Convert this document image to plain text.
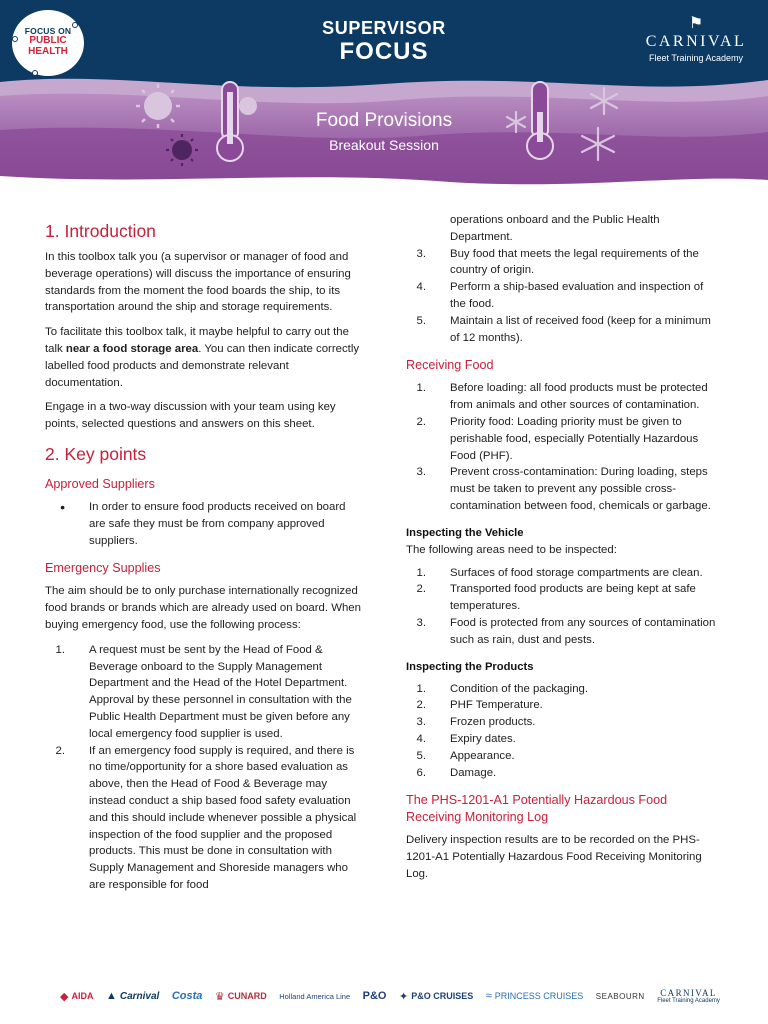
FOCUS ON
PUBLIC
HEALTH
SUPERVISOR
FOCUS
⚑
CARNIVAL
Fleet Training Academy
Food Provisions
Breakout Session
1. Introduction

In this toolbox talk you (a supervisor or manager of food and beverage operations) will discuss the importance of ensuring standards from the moment the food boards the ship, to its transportation around the ship and storage requirements.

To facilitate this toolbox talk, it maybe helpful to carry out the talk near a food storage area. You can then indicate correctly labelled food products and demonstrate relevant documentation.

Engage in a two-way discussion with your team using key points, selected questions and answers on this sheet.

2. Key points
Approved Suppliers
•	In order to ensure food products received on board are safe they must be from company approved suppliers.
Emergency Supplies

The aim should be to only purchase internationally recognized food brands or brands which are already used on board. When buying emergency food, use the following process:

1.	A request must be sent by the Head of Food & Beverage onboard to the Supply Management Department and the Head of the Hotel Department. Approval by these personnel in consultation with the Public Health Department must be given before any local emergency food supplier is used.
2.	If an emergency food supply is required, and there is no time/opportunity for a shore based evaluation as above, then the Head of Food & Beverage may instead conduct a ship based food safety evaluation and this should include whenever possible a physical inspection of the food supplier and the proposed products. This must be done in consultation with Supply Management and Shoreside managers who are responsible for food
operations onboard and the Public Health Department.
3.	Buy food that meets the legal requirements of the country of origin.
4.	Perform a ship-based evaluation and inspection of the food.
5.	Maintain a list of received food (keep for a minimum of 12 months).
Receiving Food
1.	Before loading: all food products must be protected from animals and other sources of contamination.
2.	Priority food: Loading priority must be given to perishable food, especially Potentially Hazardous Food (PHF).
3.	Prevent cross-contamination: During loading, steps must be taken to prevent any possible cross-contamination between food, chemicals or garbage.
Inspecting the Vehicle

The following areas need to be inspected:

1.	Surfaces of food storage compartments are clean.
2.	Transported food products are being kept at safe temperatures.
3.	Food is protected from any sources of contamination such as rain, dust and pests.
Inspecting the Products
1.	Condition of the packaging.
2.	PHF Temperature.
3.	Frozen products.
4.	Expiry dates.
5.	Appearance.
6.	Damage.
The PHS-1201-A1 Potentially Hazardous Food Receiving Monitoring Log

Delivery inspection results are to be recorded on the PHS-1201-A1 Potentially Hazardous Food Receiving Monitoring Log.

◆ AIDA ▲ Carnival Costa ♛ CUNARD Holland America Line P&O ✦ P&O CRUISES ≈ PRINCESS CRUISES SEABOURN CARNIVAL
Fleet Training Academy
